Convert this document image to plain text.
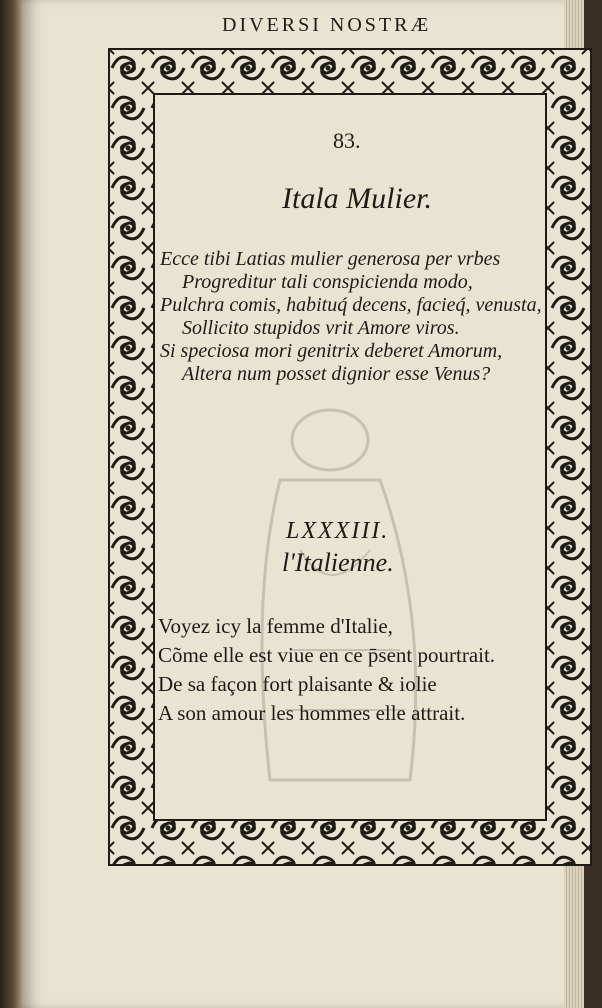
DIVERSI NOSTRÆ
83.
Itala Mulier.
Ecce tibi Latias mulier generosa per vrbes
Progreditur tali conspicienda modo,
Pulchra comis, habituq́ decens, facieq́, venusta,
Sollicito stupidos vrit Amore viros.
Si speciosa mori genitrix deberet Amorum,
Altera num posset dignior esse Venus?
LXXXIII.
l'Italienne.
Voyez icy la femme d'Italie,
Cõme elle est viue en ce p̄sent pourtrait.
De sa façon fort plaisante & iolie
A son amour les hommes elle attrait.
